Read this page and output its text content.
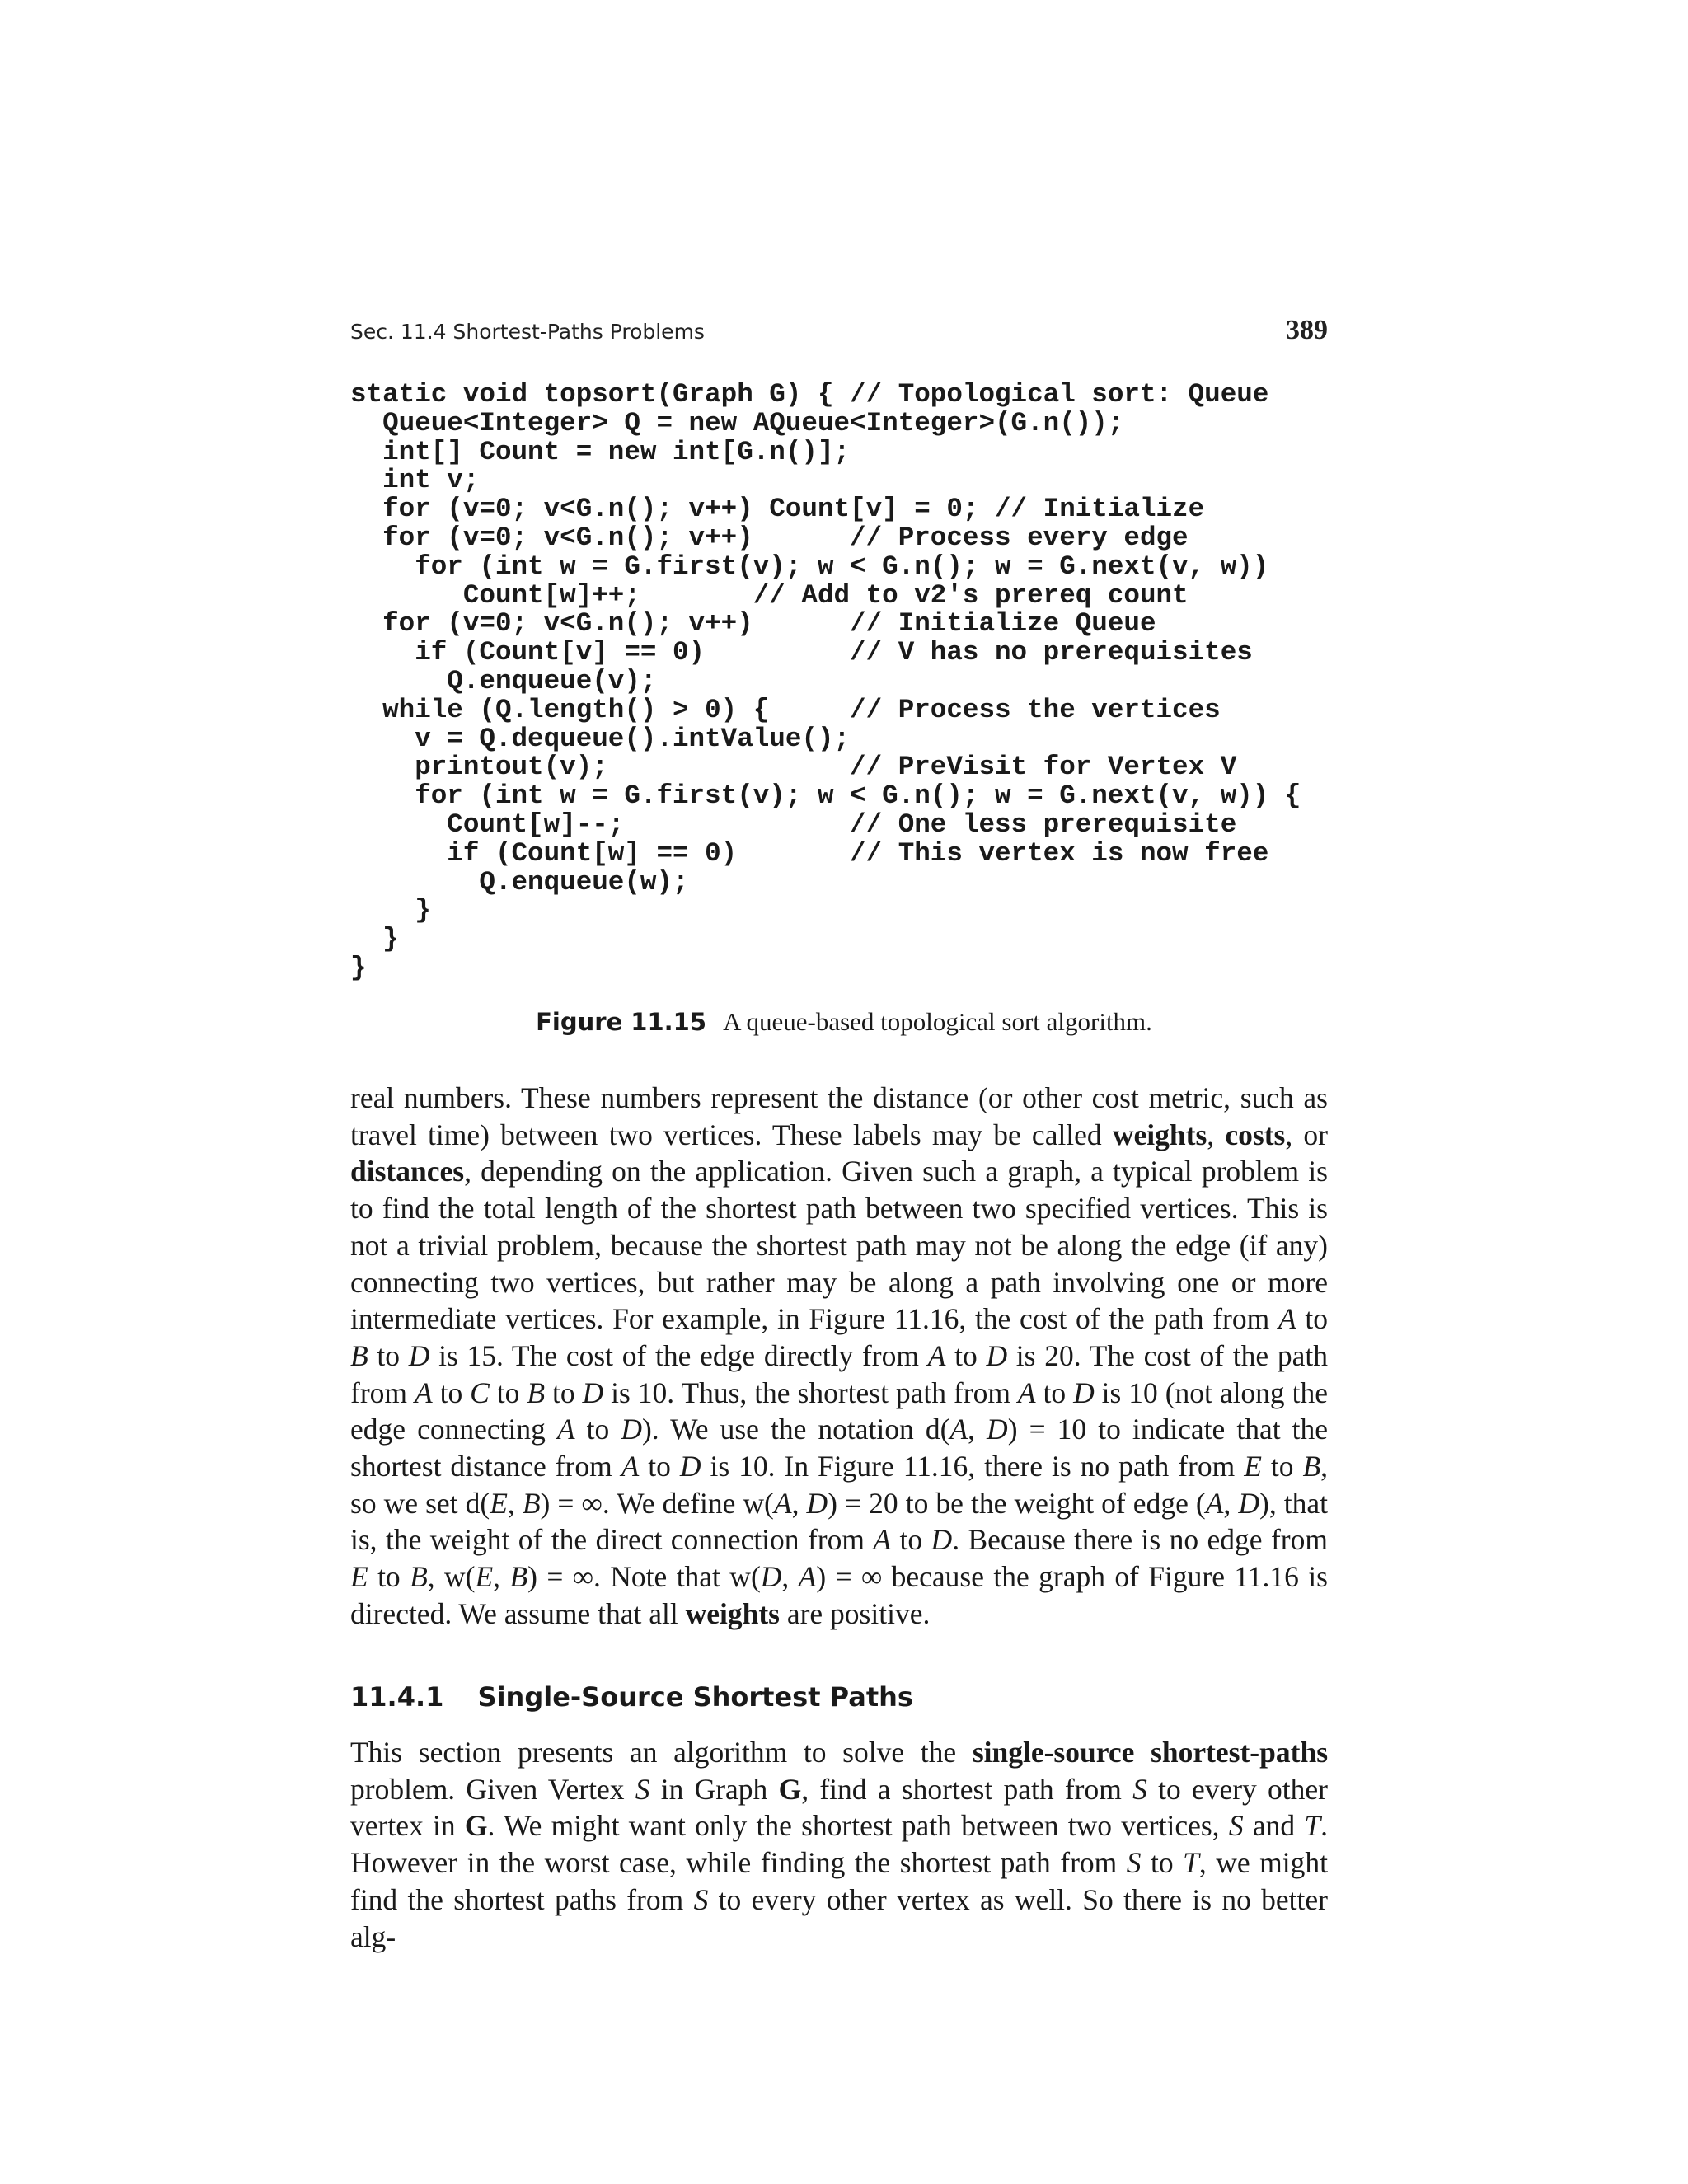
Sec. 11.4 Shortest-Paths Problems	389
static void topsort(Graph G) { // Topological sort: Queue
Queue<Integer> Q = new AQueue<Integer>(G.n());
int[] Count = new int[G.n()];
int v;
for (v=0; v<G.n(); v++) Count[v] = 0; // Initialize
for (v=0; v<G.n(); v++)      // Process every edge
for (int w = G.first(v); w < G.n(); w = G.next(v, w))
Count[w]++;       // Add to v2's prereq count
for (v=0; v<G.n(); v++)      // Initialize Queue
if (Count[v] == 0)         // V has no prerequisites
Q.enqueue(v);
while (Q.length() > 0) {     // Process the vertices
v = Q.dequeue().intValue();
printout(v);               // PreVisit for Vertex V
for (int w = G.first(v); w < G.n(); w = G.next(v, w)) {
Count[w]--;              // One less prerequisite
if (Count[w] == 0)       // This vertex is now free
Q.enqueue(w);
}
}
}
Figure 11.15 A queue-based topological sort algorithm.

real numbers. These numbers represent the distance (or other cost metric, such as travel time) between two vertices. These labels may be called weights, costs, or distances, depending on the application. Given such a graph, a typical problem is to find the total length of the shortest path between two specified vertices. This is not a trivial problem, because the shortest path may not be along the edge (if any) connecting two vertices, but rather may be along a path involving one or more intermediate vertices. For example, in Figure 11.16, the cost of the path from A to B to D is 15. The cost of the edge directly from A to D is 20. The cost of the path from A to C to B to D is 10. Thus, the shortest path from A to D is 10 (not along the edge connecting A to D). We use the notation d(A, D) = 10 to indicate that the shortest distance from A to D is 10. In Figure 11.16, there is no path from E to B, so we set d(E, B) = ∞. We define w(A, D) = 20 to be the weight of edge (A, D), that is, the weight of the direct connection from A to D. Because there is no edge from E to B, w(E, B) = ∞. Note that w(D, A) = ∞ because the graph of Figure 11.16 is directed. We assume that all weights are positive.

11.4.1 Single-Source Shortest Paths

This section presents an algorithm to solve the single-source shortest-paths problem. Given Vertex S in Graph G, find a shortest path from S to every other vertex in G. We might want only the shortest path between two vertices, S and T. However in the worst case, while finding the shortest path from S to T, we might find the shortest paths from S to every other vertex as well. So there is no better alg-
